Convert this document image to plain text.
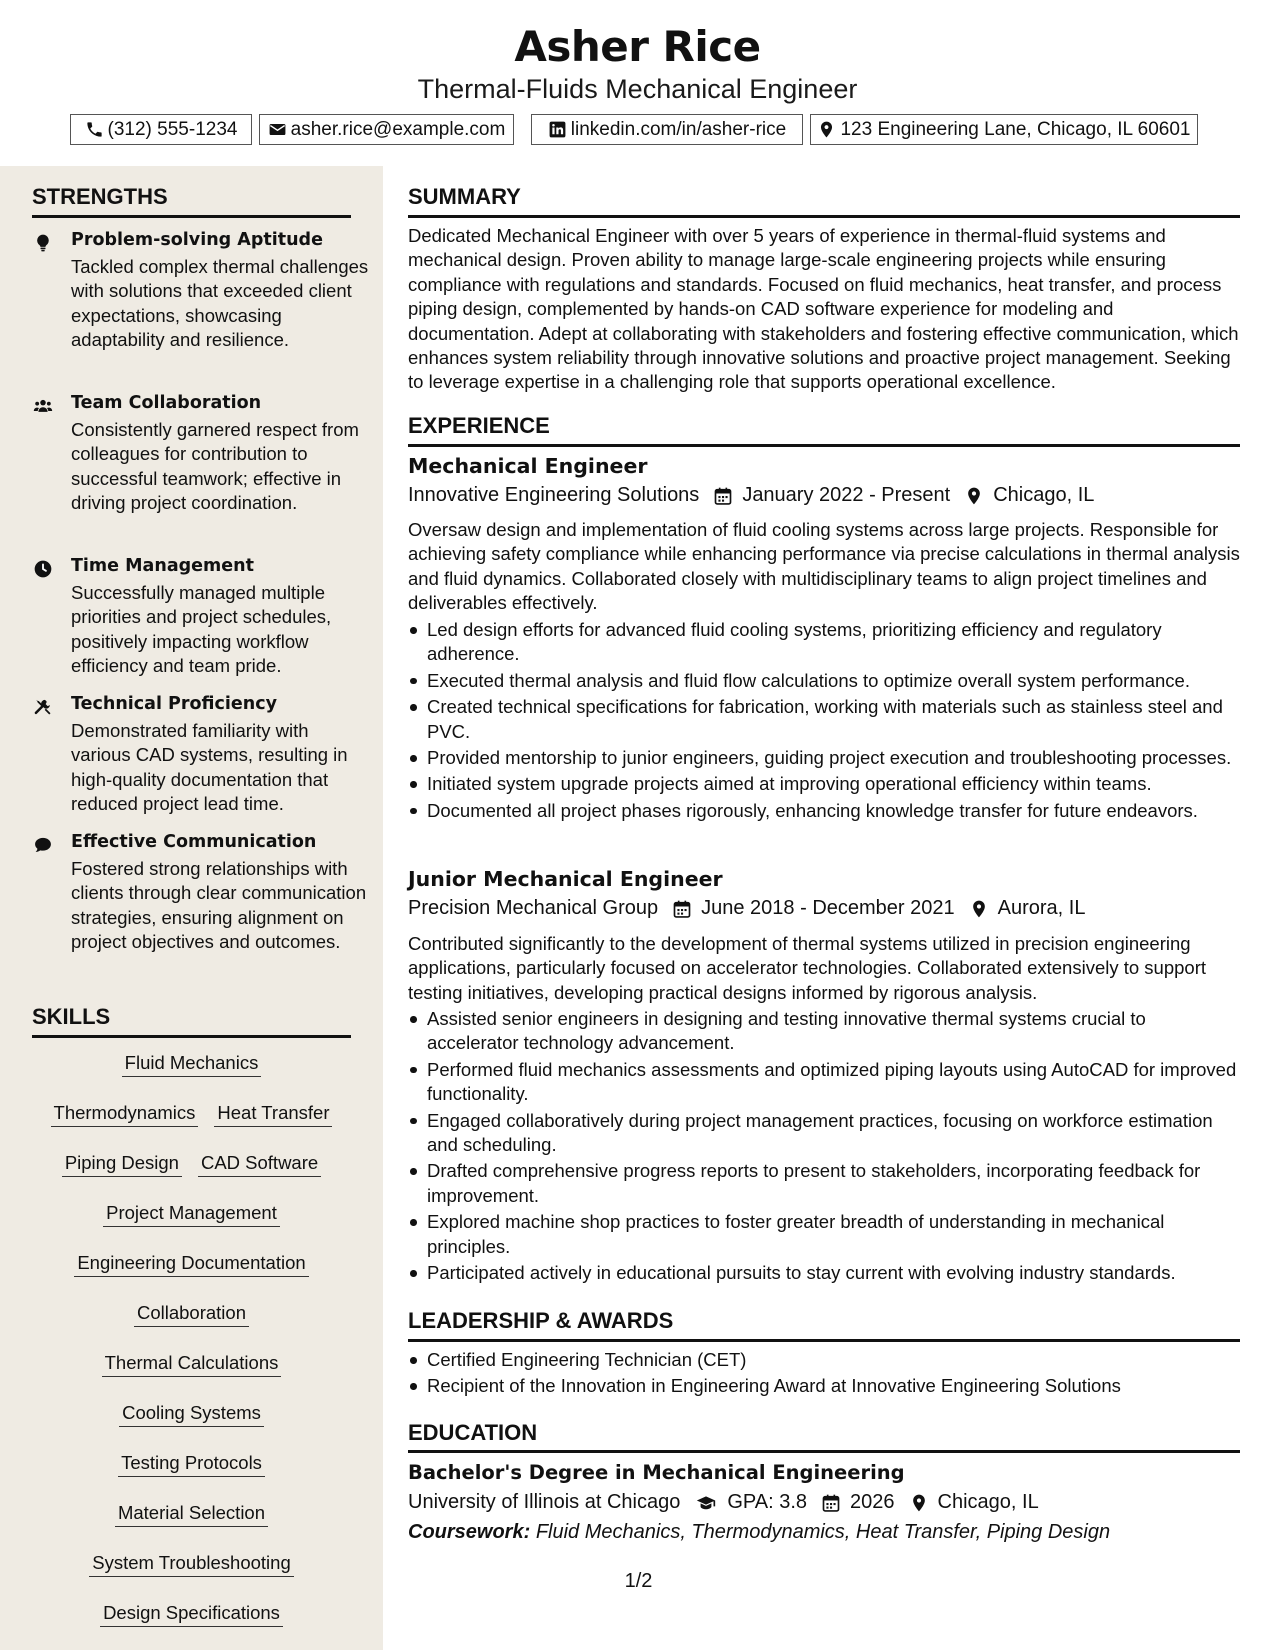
Asher Rice
Thermal-Fluids Mechanical Engineer
(312) 555-1234	asher.rice@example.com	linkedin.com/in/asher-rice	123 Engineering Lane, Chicago, IL 60601
STRENGTHS
Problem-solving Aptitude
Tackled complex thermal challenges with solutions that exceeded client expectations, showcasing adaptability and resilience.
Team Collaboration
Consistently garnered respect from colleagues for contribution to successful teamwork; effective in driving project coordination.
Time Management
Successfully managed multiple priorities and project schedules, positively impacting workflow efficiency and team pride.
Technical Proficiency
Demonstrated familiarity with various CAD systems, resulting in high-quality documentation that reduced project lead time.
Effective Communication
Fostered strong relationships with clients through clear communication strategies, ensuring alignment on project objectives and outcomes.
SKILLS
Fluid Mechanics
Thermodynamics Heat Transfer
Piping Design CAD Software
Project Management
Engineering Documentation
Collaboration
Thermal Calculations
Cooling Systems
Testing Protocols
Material Selection
System Troubleshooting
Design Specifications
SUMMARY
Dedicated Mechanical Engineer with over 5 years of experience in thermal-fluid systems and mechanical design. Proven ability to manage large-scale engineering projects while ensuring compliance with regulations and standards. Focused on fluid mechanics, heat transfer, and process piping design, complemented by hands-on CAD software experience for modeling and documentation. Adept at collaborating with stakeholders and fostering effective communication, which enhances system reliability through innovative solutions and proactive project management. Seeking to leverage expertise in a challenging role that supports operational excellence.
EXPERIENCE
Mechanical Engineer
Innovative Engineering Solutions January 2022 - Present Chicago, IL
Oversaw design and implementation of fluid cooling systems across large projects. Responsible for achieving safety compliance while enhancing performance via precise calculations in thermal analysis and fluid dynamics. Collaborated closely with multidisciplinary teams to align project timelines and deliverables effectively.
Led design efforts for advanced fluid cooling systems, prioritizing efficiency and regulatory adherence.
Executed thermal analysis and fluid flow calculations to optimize overall system performance.
Created technical specifications for fabrication, working with materials such as stainless steel and PVC.
Provided mentorship to junior engineers, guiding project execution and troubleshooting processes.
Initiated system upgrade projects aimed at improving operational efficiency within teams.
Documented all project phases rigorously, enhancing knowledge transfer for future endeavors.
Junior Mechanical Engineer
Precision Mechanical Group June 2018 - December 2021 Aurora, IL
Contributed significantly to the development of thermal systems utilized in precision engineering applications, particularly focused on accelerator technologies. Collaborated extensively to support testing initiatives, developing practical designs informed by rigorous analysis.
Assisted senior engineers in designing and testing innovative thermal systems crucial to accelerator technology advancement.
Performed fluid mechanics assessments and optimized piping layouts using AutoCAD for improved functionality.
Engaged collaboratively during project management practices, focusing on workforce estimation and scheduling.
Drafted comprehensive progress reports to present to stakeholders, incorporating feedback for improvement.
Explored machine shop practices to foster greater breadth of understanding in mechanical principles.
Participated actively in educational pursuits to stay current with evolving industry standards.
LEADERSHIP & AWARDS
Certified Engineering Technician (CET)
Recipient of the Innovation in Engineering Award at Innovative Engineering Solutions
EDUCATION
Bachelor's Degree in Mechanical Engineering
University of Illinois at Chicago GPA: 3.8 2026 Chicago, IL
Coursework: Fluid Mechanics, Thermodynamics, Heat Transfer, Piping Design
1/2
